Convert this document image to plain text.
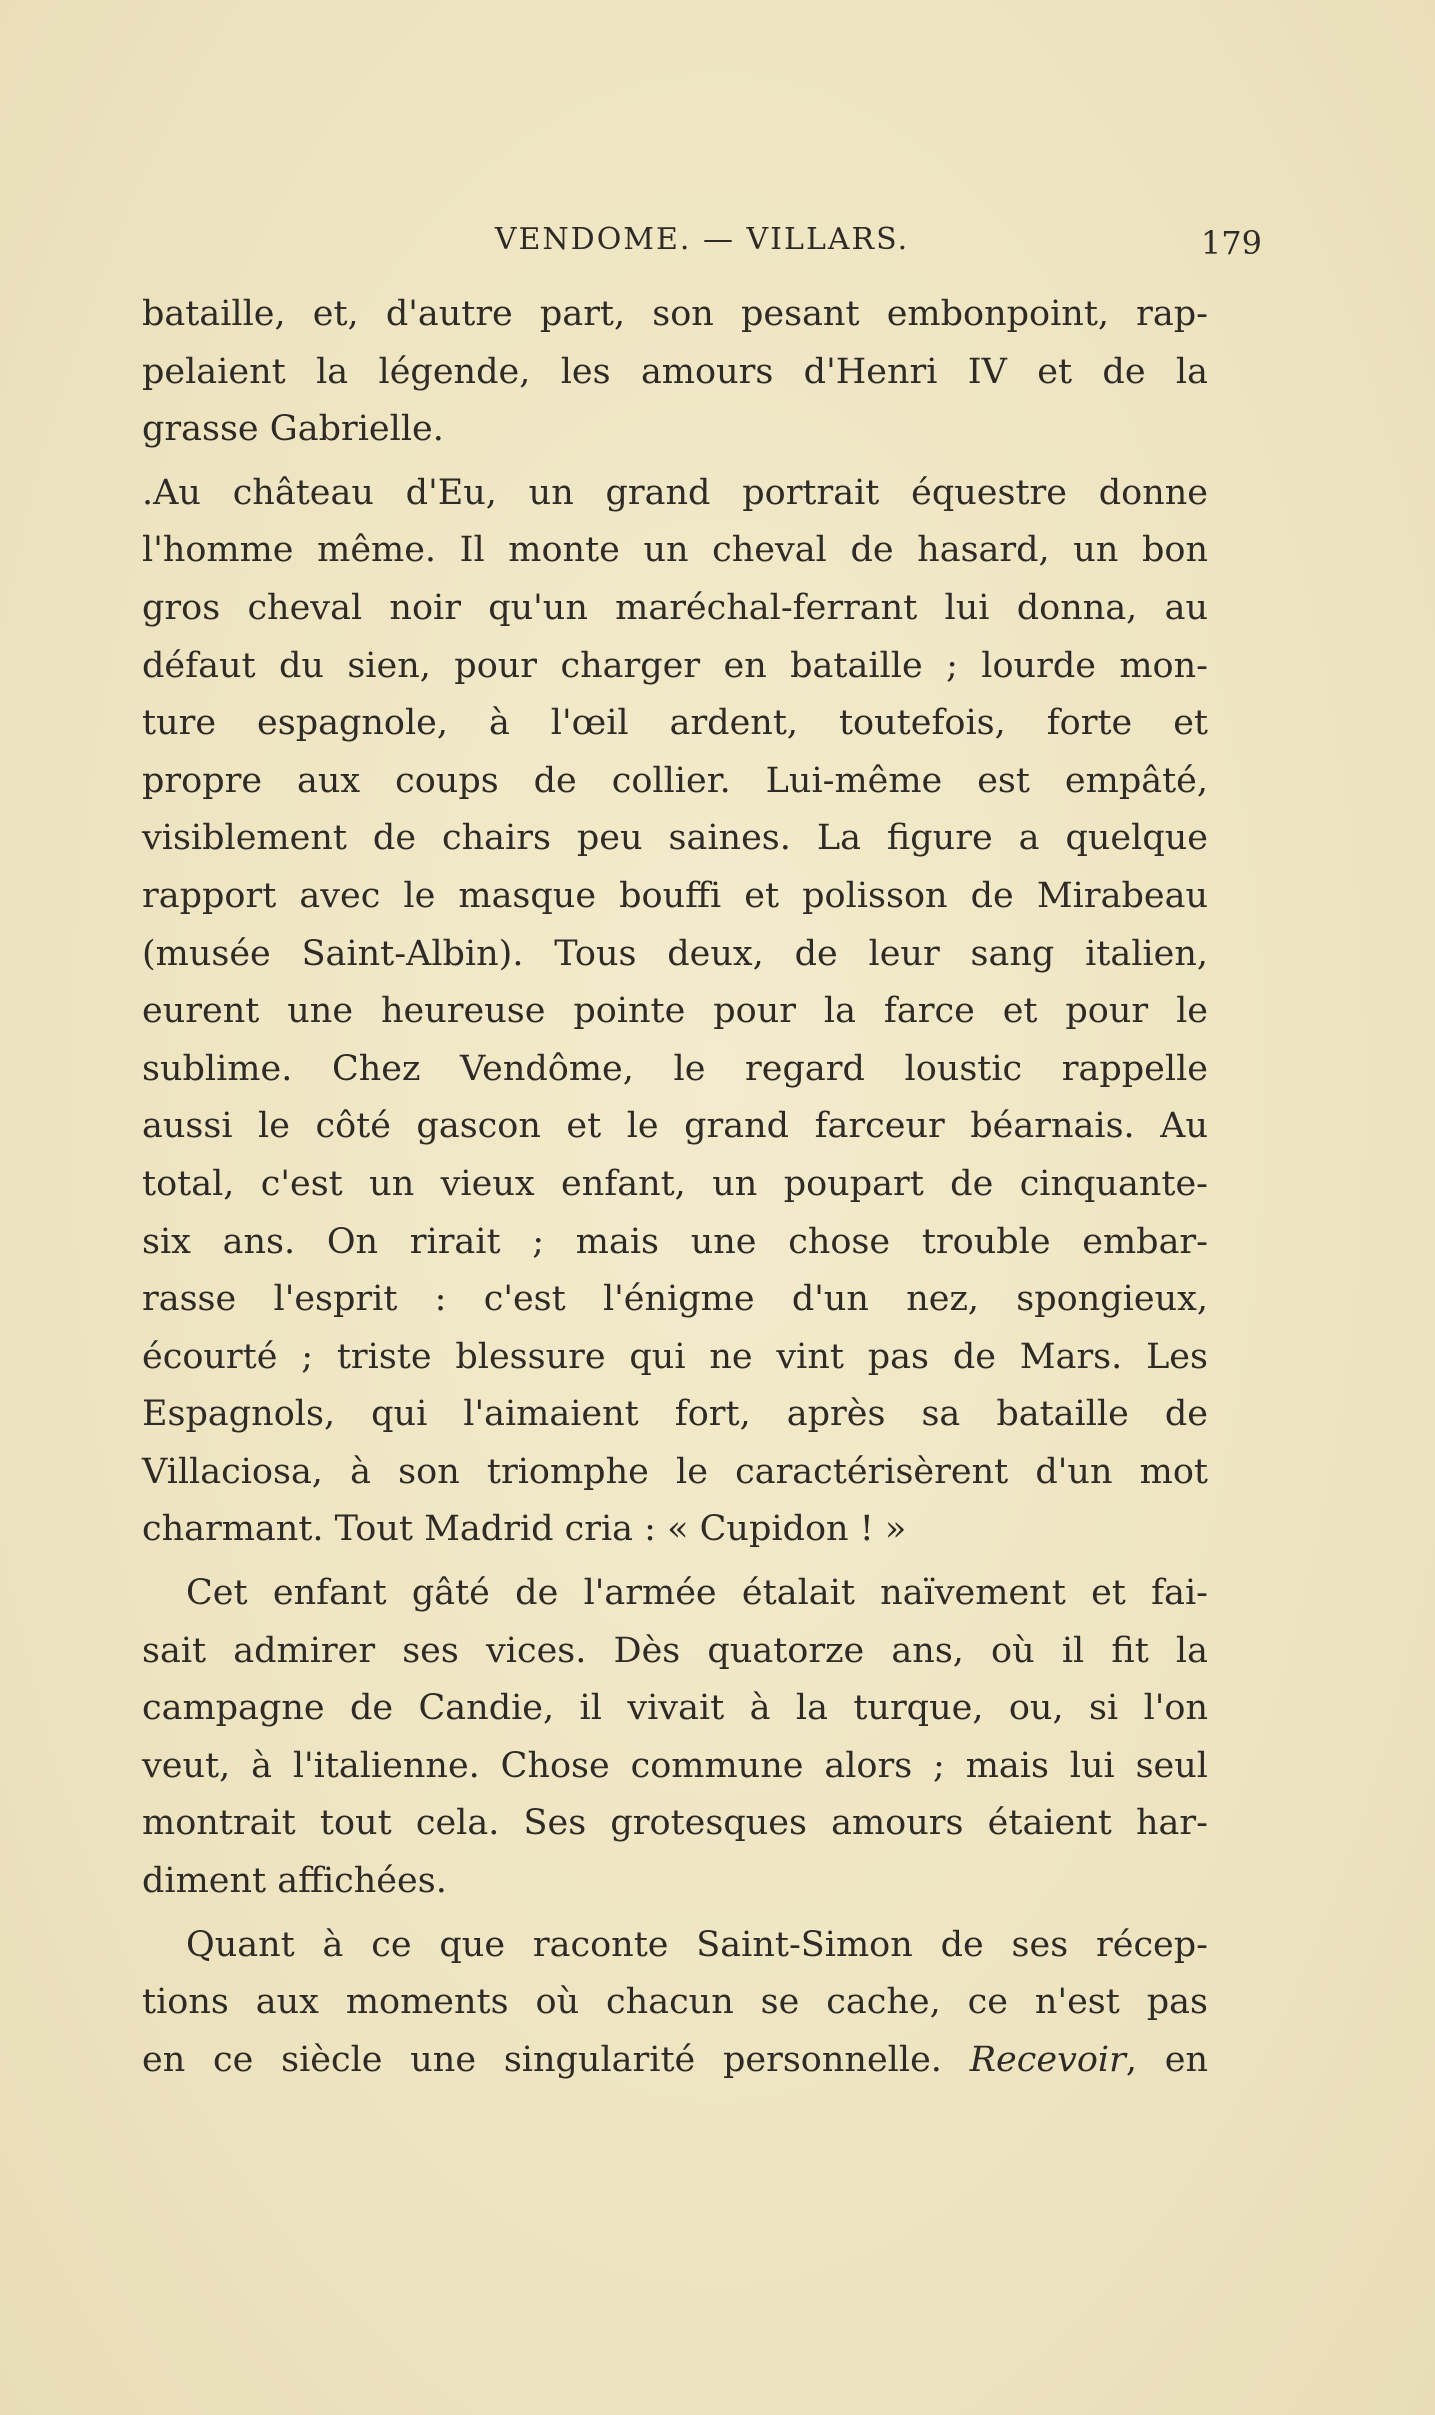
VENDOME. — VILLARS.	179
bataille, et, d'autre part, son pesant embonpoint, rap-
pelaient la légende, les amours d'Henri IV et de la
grasse Gabrielle.
.Au château d'Eu, un grand portrait équestre donne
l'homme même. Il monte un cheval de hasard, un bon
gros cheval noir qu'un maréchal-ferrant lui donna, au
défaut du sien, pour charger en bataille ; lourde mon-
ture espagnole, à l'œil ardent, toutefois, forte et
propre aux coups de collier. Lui-même est empâté,
visiblement de chairs peu saines. La figure a quelque
rapport avec le masque bouffi et polisson de Mirabeau
(musée Saint-Albin). Tous deux, de leur sang italien,
eurent une heureuse pointe pour la farce et pour le
sublime. Chez Vendôme, le regard loustic rappelle
aussi le côté gascon et le grand farceur béarnais. Au
total, c'est un vieux enfant, un poupart de cinquante-
six ans. On rirait ; mais une chose trouble embar-
rasse l'esprit : c'est l'énigme d'un nez, spongieux,
écourté ; triste blessure qui ne vint pas de Mars. Les
Espagnols, qui l'aimaient fort, après sa bataille de
Villaciosa, à son triomphe le caractérisèrent d'un mot
charmant. Tout Madrid cria : « Cupidon ! »
Cet enfant gâté de l'armée étalait naïvement et fai-
sait admirer ses vices. Dès quatorze ans, où il fit la
campagne de Candie, il vivait à la turque, ou, si l'on
veut, à l'italienne. Chose commune alors ; mais lui seul
montrait tout cela. Ses grotesques amours étaient har-
diment affichées.
Quant à ce que raconte Saint-Simon de ses récep-
tions aux moments où chacun se cache, ce n'est pas
en ce siècle une singularité personnelle. Recevoir, en
